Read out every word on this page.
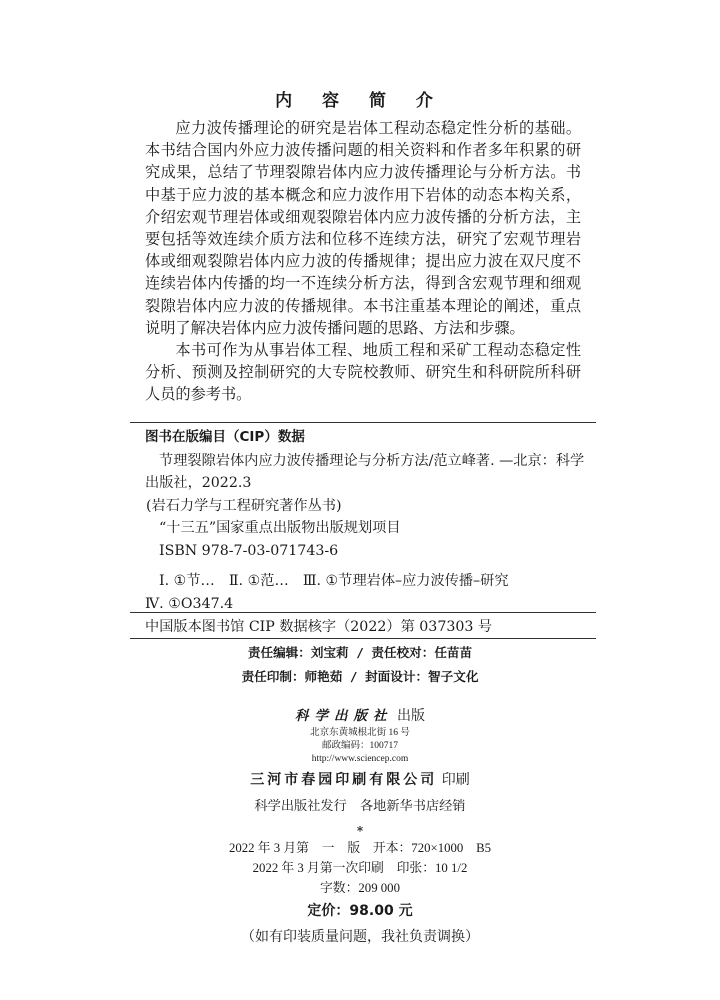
内 容 简 介

应力波传播理论的研究是岩体工程动态稳定性分析的基础。本书结合国内外应力波传播问题的相关资料和作者多年积累的研究成果，总结了节理裂隙岩体内应力波传播理论与分析方法。书中基于应力波的基本概念和应力波作用下岩体的动态本构关系，介绍宏观节理岩体或细观裂隙岩体内应力波传播的分析方法，主要包括等效连续介质方法和位移不连续方法，研究了宏观节理岩体或细观裂隙岩体内应力波的传播规律；提出应力波在双尺度不连续岩体内传播的均一不连续分析方法，得到含宏观节理和细观裂隙岩体内应力波的传播规律。本书注重基本理论的阐述，重点说明了解决岩体内应力波传播问题的思路、方法和步骤。

本书可作为从事岩体工程、地质工程和采矿工程动态稳定性分析、预测及控制研究的大专院校教师、研究生和科研院所科研人员的参考书。

图书在版编目（CIP）数据
节理裂隙岩体内应力波传播理论与分析方法/范立峰著. —北京：科学
出版社，2022.3
(岩石力学与工程研究著作丛书)
“十三五”国家重点出版物出版规划项目
ISBN 978-7-03-071743-6
Ⅰ. ①节…　Ⅱ. ①范…　Ⅲ. ①节理岩体–应力波传播–研究
Ⅳ. ①O347.4
中国版本图书馆 CIP 数据核字（2022）第 037303 号
责任编辑：刘宝莉 / 责任校对：任苗苗
责任印制：师艳茹 / 封面设计：智子文化
科学出版社 出版
北京东黄城根北街 16 号
邮政编码：100717
http://www.sciencep.com
三河市春园印刷有限公司 印刷
科学出版社发行　各地新华书店经销
*
2022 年 3 月第　一　版　开本：720×1000　B5
2022 年 3 月第一次印刷　印张：10 1/2
字数：209 000
定价：98.00 元
（如有印装质量问题，我社负责调换）
